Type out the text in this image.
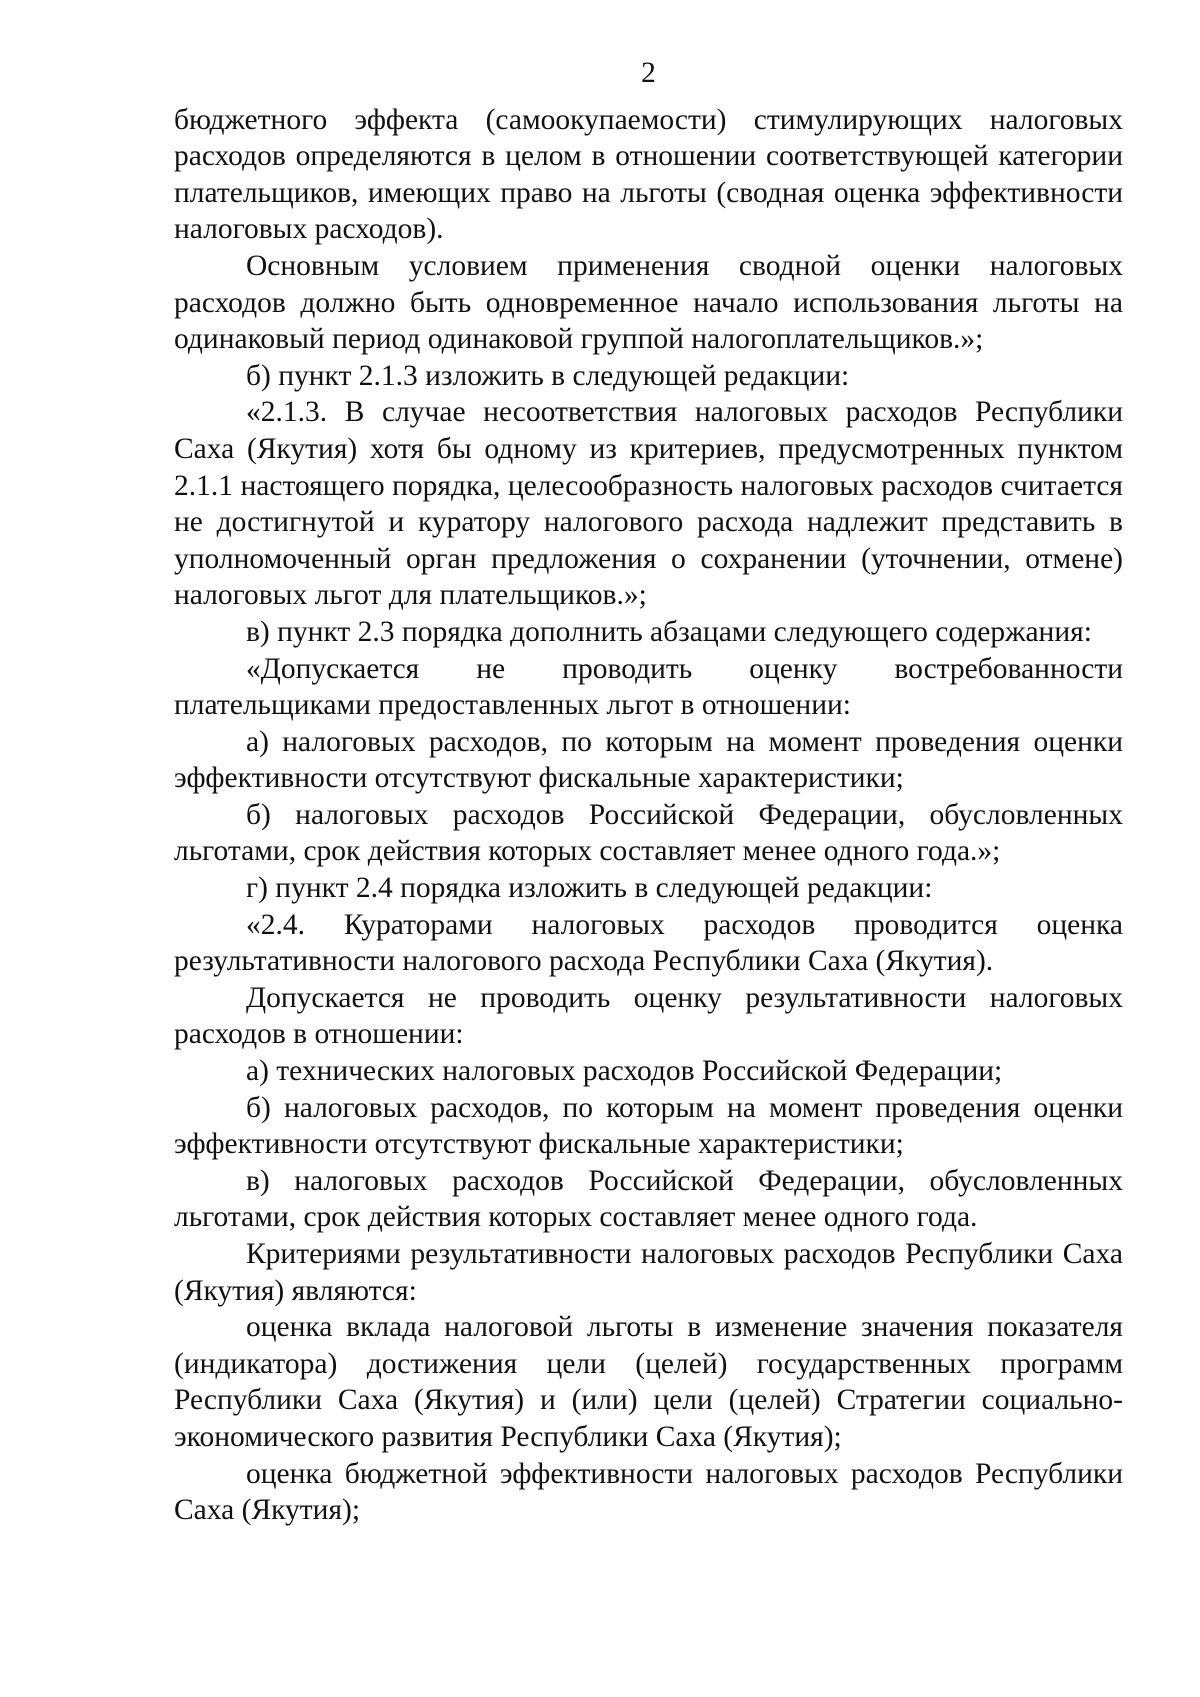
2

бюджетного эффекта (самоокупаемости) стимулирующих налоговых расходов определяются в целом в отношении соответствующей категории плательщиков, имеющих право на льготы (сводная оценка эффективности налоговых расходов).

Основным условием применения сводной оценки налоговых расходов должно быть одновременное начало использования льготы на одинаковый период одинаковой группой налогоплательщиков.»;

б) пункт 2.1.3 изложить в следующей редакции:

«2.1.3. В случае несоответствия налоговых расходов Республики Саха (Якутия) хотя бы одному из критериев, предусмотренных пунктом 2.1.1 настоящего порядка, целесообразность налоговых расходов считается не достигнутой и куратору налогового расхода надлежит представить в уполномоченный орган предложения о сохранении (уточнении, отмене) налоговых льгот для плательщиков.»;

в) пункт 2.3 порядка дополнить абзацами следующего содержания:

«Допускается не проводить оценку востребованности плательщиками предоставленных льгот в отношении:

а) налоговых расходов, по которым на момент проведения оценки эффективности отсутствуют фискальные характеристики;

б) налоговых расходов Российской Федерации, обусловленных льготами, срок действия которых составляет менее одного года.»;

г) пункт 2.4 порядка изложить в следующей редакции:

«2.4. Кураторами налоговых расходов проводится оценка результативности налогового расхода Республики Саха (Якутия).

Допускается не проводить оценку результативности налоговых расходов в отношении:

а) технических налоговых расходов Российской Федерации;

б) налоговых расходов, по которым на момент проведения оценки эффективности отсутствуют фискальные характеристики;

в) налоговых расходов Российской Федерации, обусловленных льготами, срок действия которых составляет менее одного года.

Критериями результативности налоговых расходов Республики Саха (Якутия) являются:

оценка вклада налоговой льготы в изменение значения показателя (индикатора) достижения цели (целей) государственных программ Республики Саха (Якутия) и (или) цели (целей) Стратегии социально-экономического развития Республики Саха (Якутия);

оценка бюджетной эффективности налоговых расходов Республики Саха (Якутия);
